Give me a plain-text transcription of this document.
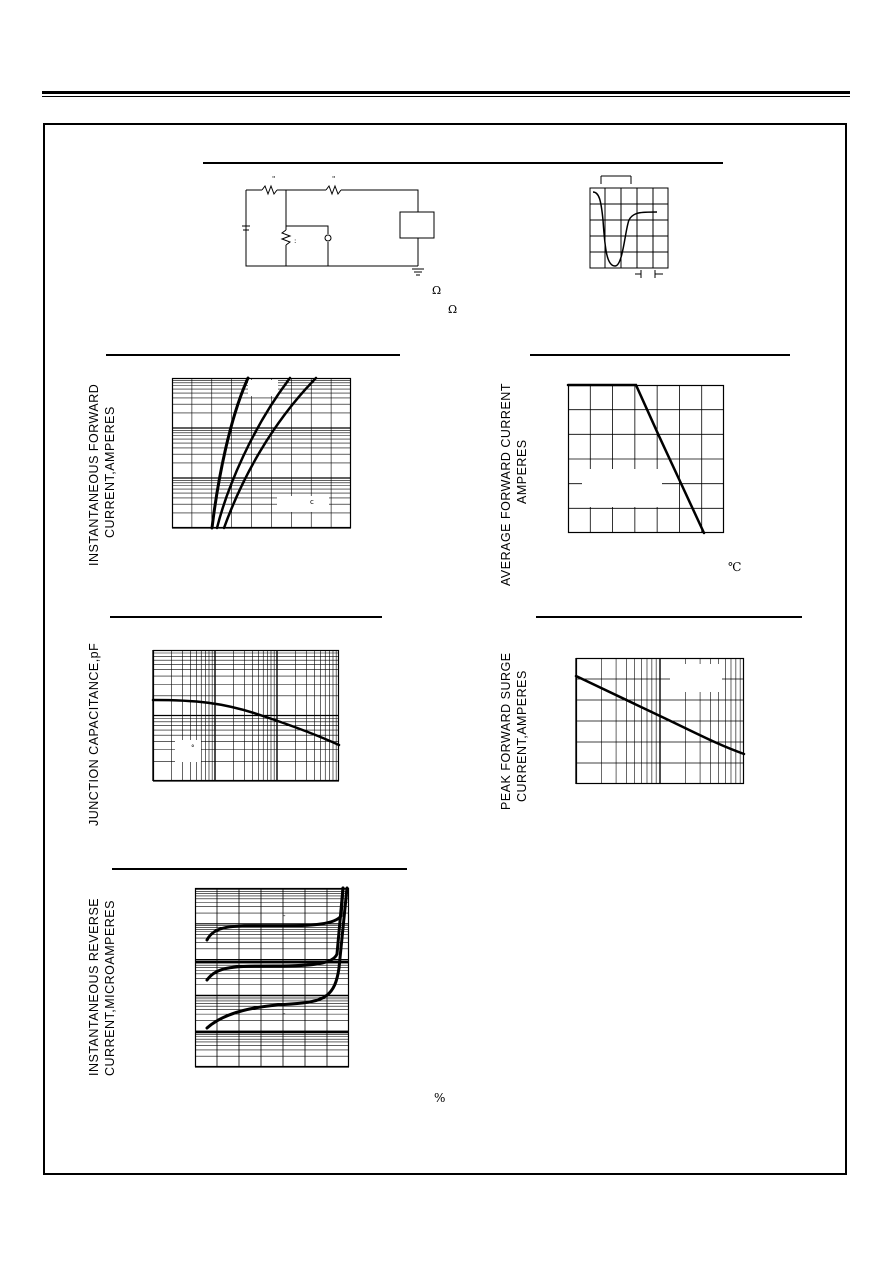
"	"
:
Ω
Ω
INSTANTANEOUS FORWARD CURRENT,AMPERES	c	AVERAGE FORWARD CURRENT AMPERES
℃
JUNCTION CAPACITANCE,pF	°	PEAK FORWARD SURGE CURRENT,AMPERES
INSTANTANEOUS REVERSE CURRENT,MICROAMPERES	-
-
%
